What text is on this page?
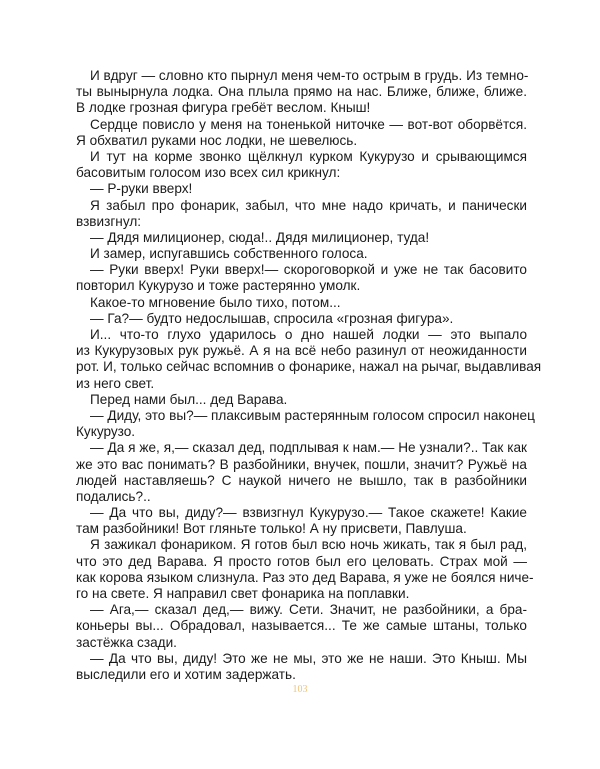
И вдруг — словно кто пырнул меня чем-то острым в грудь. Из темно-
ты вынырнула лодка. Она плыла прямо на нас. Ближе, ближе, ближе.
В лодке грозная фигура гребёт веслом. Кныш!
Сердце повисло у меня на тоненькой ниточке — вот-вот оборвётся.
Я обхватил руками нос лодки, не шевелюсь.
И тут на корме звонко щёлкнул курком Кукурузо и срывающимся
басовитым голосом изо всех сил крикнул:
— Р-руки вверх!
Я забыл про фонарик, забыл, что мне надо кричать, и панически
взвизгнул:
— Дядя милиционер, сюда!.. Дядя милиционер, туда!
И замер, испугавшись собственного голоса.
— Руки вверх! Руки вверх!— скороговоркой и уже не так басовито
повторил Кукурузо и тоже растерянно умолк.
Какое-то мгновение было тихо, потом...
— Га?— будто недослышав, спросила «грозная фигура».
И... что-то глухо ударилось о дно нашей лодки — это выпало
из Кукурузовых рук ружьё. А я на всё небо разинул от неожиданности
рот. И, только сейчас вспомнив о фонарике, нажал на рычаг, выдавливая
из него свет.
Перед нами был... дед Варава.
— Диду, это вы?— плаксивым растерянным голосом спросил наконец
Кукурузо.
— Да я же, я,— сказал дед, подплывая к нам.— Не узнали?.. Так как
же это вас понимать? В разбойники, внучек, пошли, значит? Ружьё на
людей наставляешь? С наукой ничего не вышло, так в разбойники
подались?..
— Да что вы, диду?— взвизгнул Кукурузо.— Такое скажете! Какие
там разбойники! Вот гляньте только! А ну присвети, Павлуша.
Я зажикал фонариком. Я готов был всю ночь жикать, так я был рад,
что это дед Варава. Я просто готов был его целовать. Страх мой —
как корова языком слизнула. Раз это дед Варава, я уже не боялся ниче-
го на свете. Я направил свет фонарика на поплавки.
— Ага,— сказал дед,— вижу. Сети. Значит, не разбойники, а бра-
коньеры вы... Обрадовал, называется... Те же самые штаны, только
застёжка сзади.
— Да что вы, диду! Это же не мы, это же не наши. Это Кныш. Мы
выследили его и хотим задержать.
103
